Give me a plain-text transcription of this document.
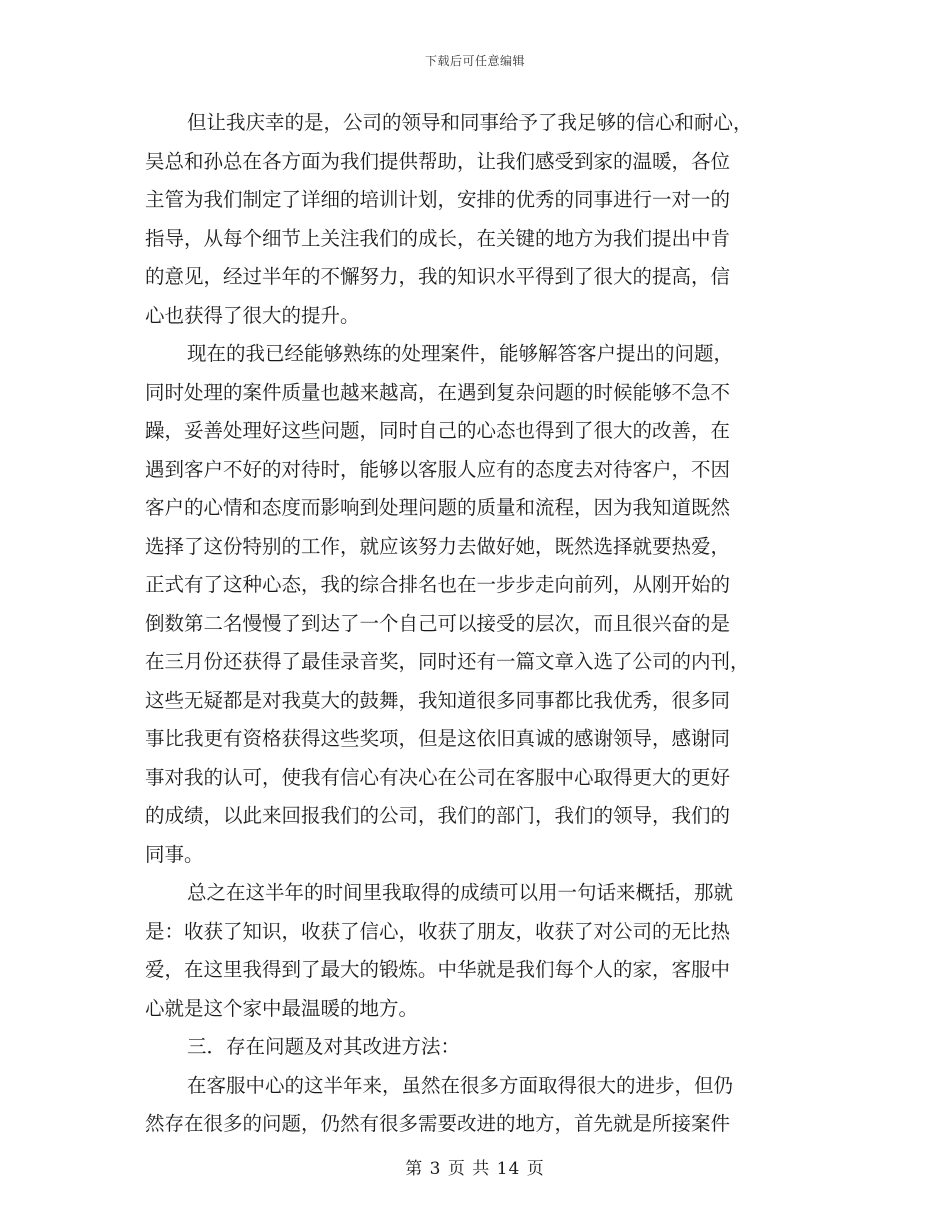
下载后可任意编辑
但让我庆幸的是，公司的领导和同事给予了我足够的信心和耐心，
吴总和孙总在各方面为我们提供帮助，让我们感受到家的温暖，各位
主管为我们制定了详细的培训计划，安排的优秀的同事进行一对一的
指导，从每个细节上关注我们的成长，在关键的地方为我们提出中肯
的意见，经过半年的不懈努力，我的知识水平得到了很大的提高，信
心也获得了很大的提升。
现在的我已经能够熟练的处理案件，能够解答客户提出的问题，
同时处理的案件质量也越来越高，在遇到复杂问题的时候能够不急不
躁，妥善处理好这些问题，同时自己的心态也得到了很大的改善，在
遇到客户不好的对待时，能够以客服人应有的态度去对待客户，不因
客户的心情和态度而影响到处理问题的质量和流程，因为我知道既然
选择了这份特别的工作，就应该努力去做好她，既然选择就要热爱，
正式有了这种心态，我的综合排名也在一步步走向前列，从刚开始的
倒数第二名慢慢了到达了一个自己可以接受的层次，而且很兴奋的是
在三月份还获得了最佳录音奖，同时还有一篇文章入选了公司的内刊，
这些无疑都是对我莫大的鼓舞，我知道很多同事都比我优秀，很多同
事比我更有资格获得这些奖项，但是这依旧真诚的感谢领导，感谢同
事对我的认可，使我有信心有决心在公司在客服中心取得更大的更好
的成绩，以此来回报我们的公司，我们的部门，我们的领导，我们的
同事。
总之在这半年的时间里我取得的成绩可以用一句话来概括，那就
是：收获了知识，收获了信心，收获了朋友，收获了对公司的无比热
爱，在这里我得到了最大的锻炼。中华就是我们每个人的家，客服中
心就是这个家中最温暖的地方。
三．存在问题及对其改进方法：
在客服中心的这半年来，虽然在很多方面取得很大的进步，但仍
然存在很多的问题，仍然有很多需要改进的地方，首先就是所接案件
第 3 页 共 14 页
